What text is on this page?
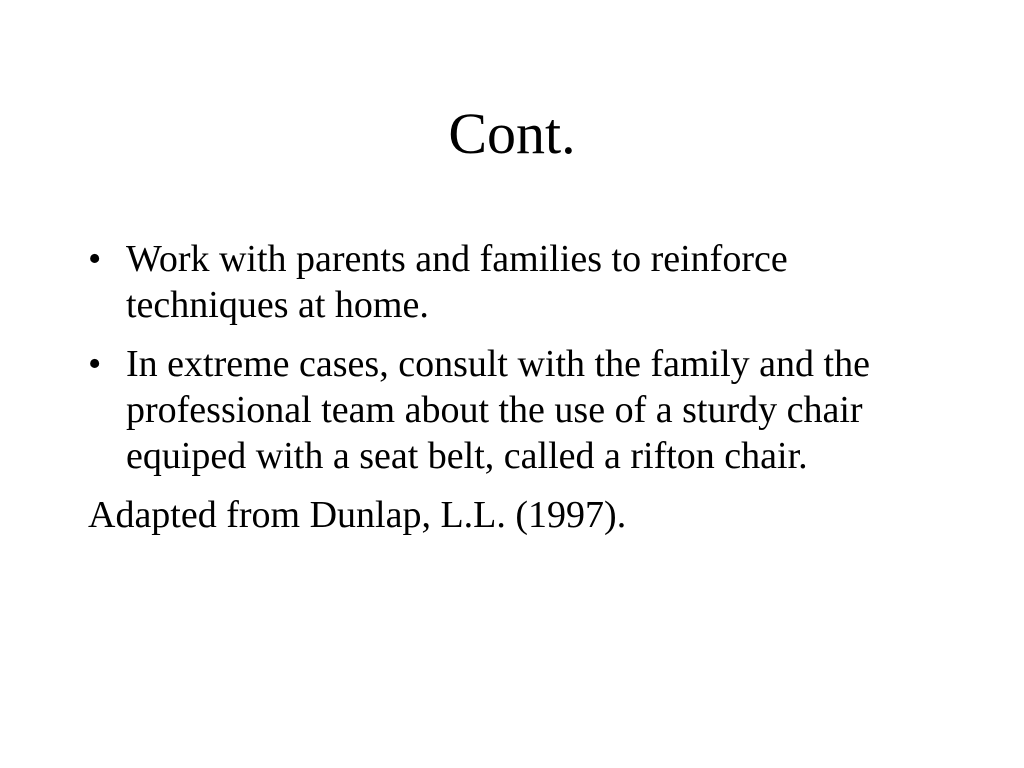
Cont.
• Work with parents and families to reinforce techniques at home.
• In extreme cases, consult with the family and the professional team about the use of a sturdy chair equiped with a seat belt, called a rifton chair.
Adapted from Dunlap, L.L. (1997).
